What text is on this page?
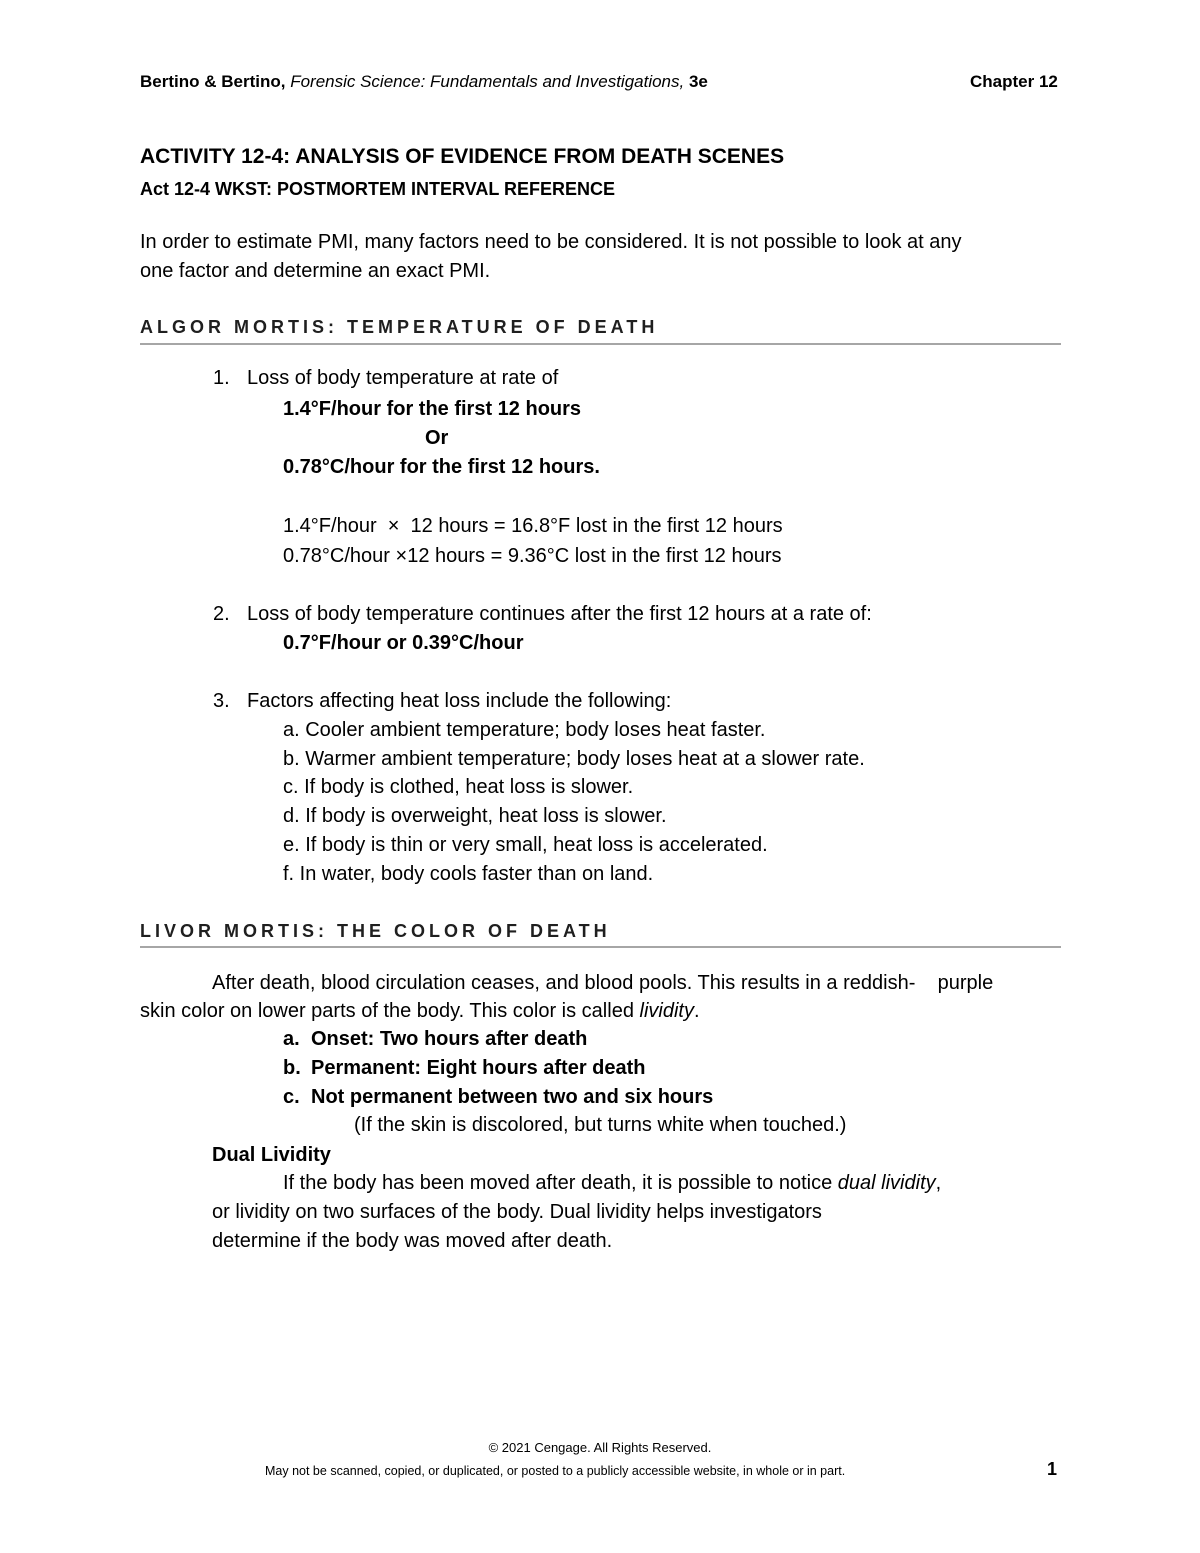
Bertino & Bertino, Forensic Science: Fundamentals and Investigations, 3e	Chapter 12
ACTIVITY 12-4: ANALYSIS OF EVIDENCE FROM DEATH SCENES
Act 12-4 WKST: POSTMORTEM INTERVAL REFERENCE
In order to estimate PMI, many factors need to be considered. It is not possible to look at any
one factor and determine an exact PMI.
ALGOR MORTIS: TEMPERATURE OF DEATH
1. Loss of body temperature at rate of
1.4°F/hour for the first 12 hours
Or
0.78°C/hour for the first 12 hours.
1.4°F/hour  ×  12 hours = 16.8°F lost in the first 12 hours
0.78°C/hour ×12 hours = 9.36°C lost in the first 12 hours
2. Loss of body temperature continues after the first 12 hours at a rate of:
0.7°F/hour or 0.39°C/hour
3. Factors affecting heat loss include the following:
a. Cooler ambient temperature; body loses heat faster.
b. Warmer ambient temperature; body loses heat at a slower rate.
c. If body is clothed, heat loss is slower.
d. If body is overweight, heat loss is slower.
e. If body is thin or very small, heat loss is accelerated.
f. In water, body cools faster than on land.
LIVOR MORTIS: THE COLOR OF DEATH
After death, blood circulation ceases, and blood pools. This results in a reddish-    purple
skin color on lower parts of the body. This color is called lividity.
a. Onset: Two hours after death
b. Permanent: Eight hours after death
c. Not permanent between two and six hours
(If the skin is discolored, but turns white when touched.)
Dual Lividity
If the body has been moved after death, it is possible to notice dual lividity,
or lividity on two surfaces of the body. Dual lividity helps investigators
determine if the body was moved after death.
© 2021 Cengage. All Rights Reserved.
May not be scanned, copied, or duplicated, or posted to a publicly accessible website, in whole or in part.	1
